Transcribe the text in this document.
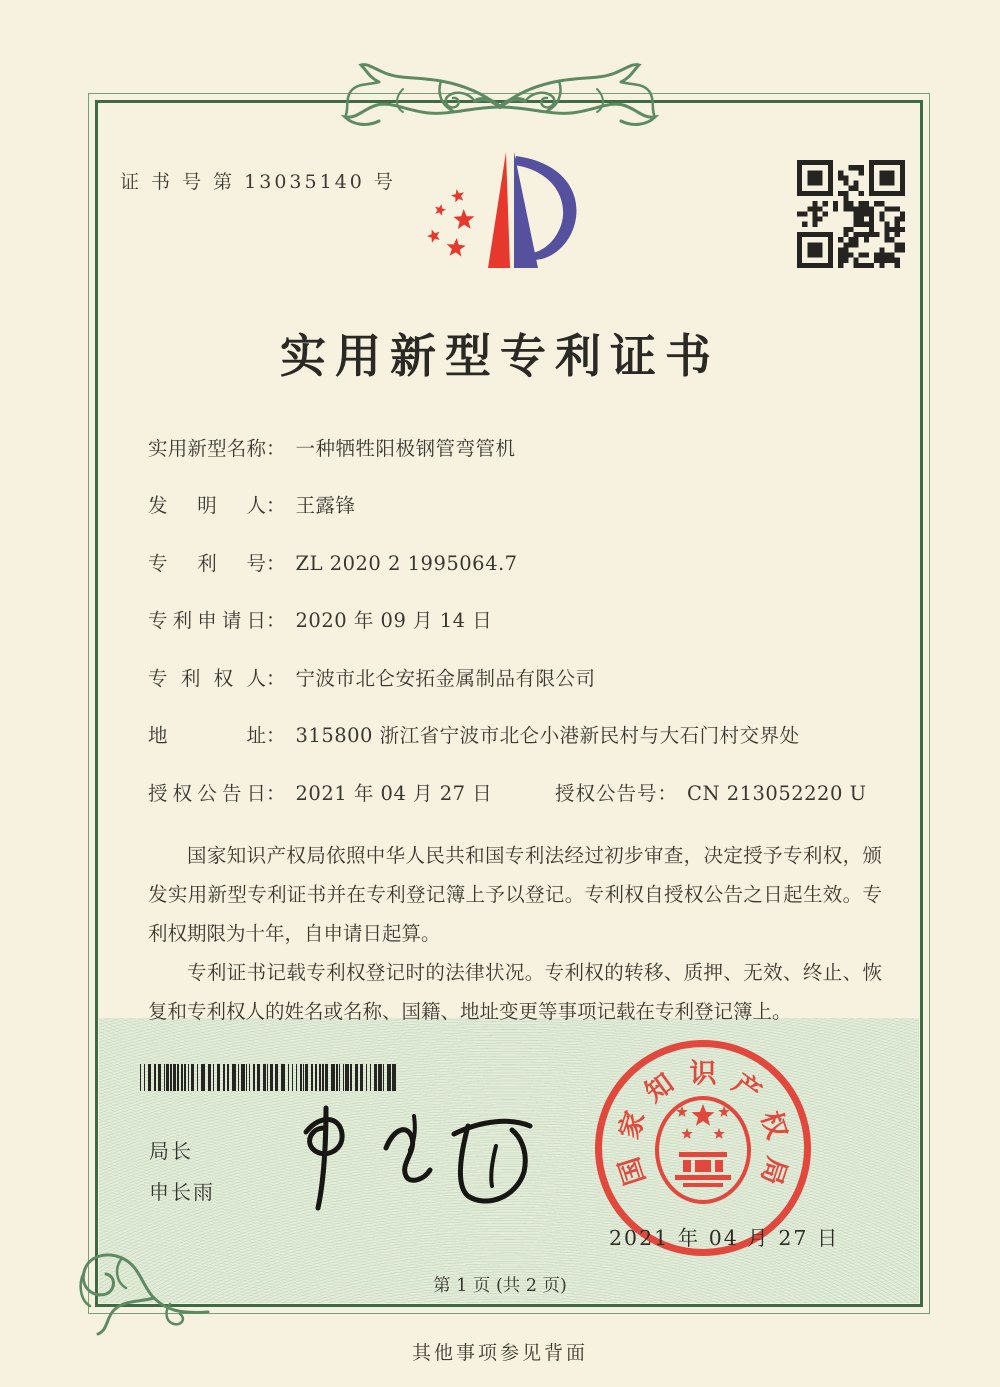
证 书 号 第 13035140 号
实用新型专利证书
实用新型名称： 一种牺牲阳极钢管弯管机
发明人： 王露锋
专利号： ZL 2020 2 1995064.7
专利申请日： 2020 年 09 月 14 日
专利权人： 宁波市北仑安拓金属制品有限公司
地址： 315800 浙江省宁波市北仑小港新民村与大石门村交界处
授权公告日： 2021 年 04 月 27 日	授权公告号： CN 213052220 U

国家知识产权局依照中华人民共和国专利法经过初步审查，决定授予专利权，颁发实用新型专利证书并在专利登记簿上予以登记。专利权自授权公告之日起生效。专利权期限为十年，自申请日起算。

专利证书记载专利权登记时的法律状况。专利权的转移、质押、无效、终止、恢复和专利权人的姓名或名称、国籍、地址变更等事项记载在专利登记簿上。

局长
申长雨
国
家
知 识 产
权
局
2021 年 04 月 27 日
第 1 页 (共 2 页)
其他事项参见背面
